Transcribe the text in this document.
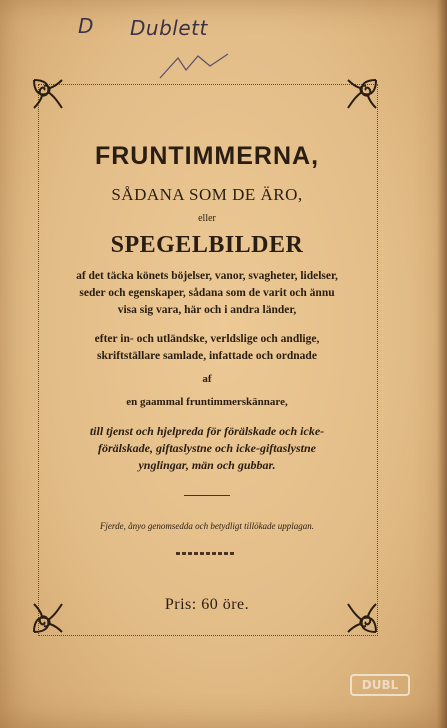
D	Dublett
FRUNTIMMERNA,
SÅDANA SOM DE ÄRO,
eller
SPEGELBILDER
af det täcka könets böjelser, vanor, svagheter, lidelser,
seder och egenskaper, sådana som de varit och ännu
visa sig vara, här och i andra länder,
efter in- och utländske, verldslige och andlige,
skriftställare samlade, infattade och ordnade
af
en gaammal fruntimmerskännare,
till tjenst och hjelpreda för förälskade och icke-
förälskade, giftaslystne och icke-giftaslystne
ynglingar, män och gubbar.
Fjerde, ånyo genomsedda och betydligt tillökade upplagan.
Pris: 60 öre.
DUBL
